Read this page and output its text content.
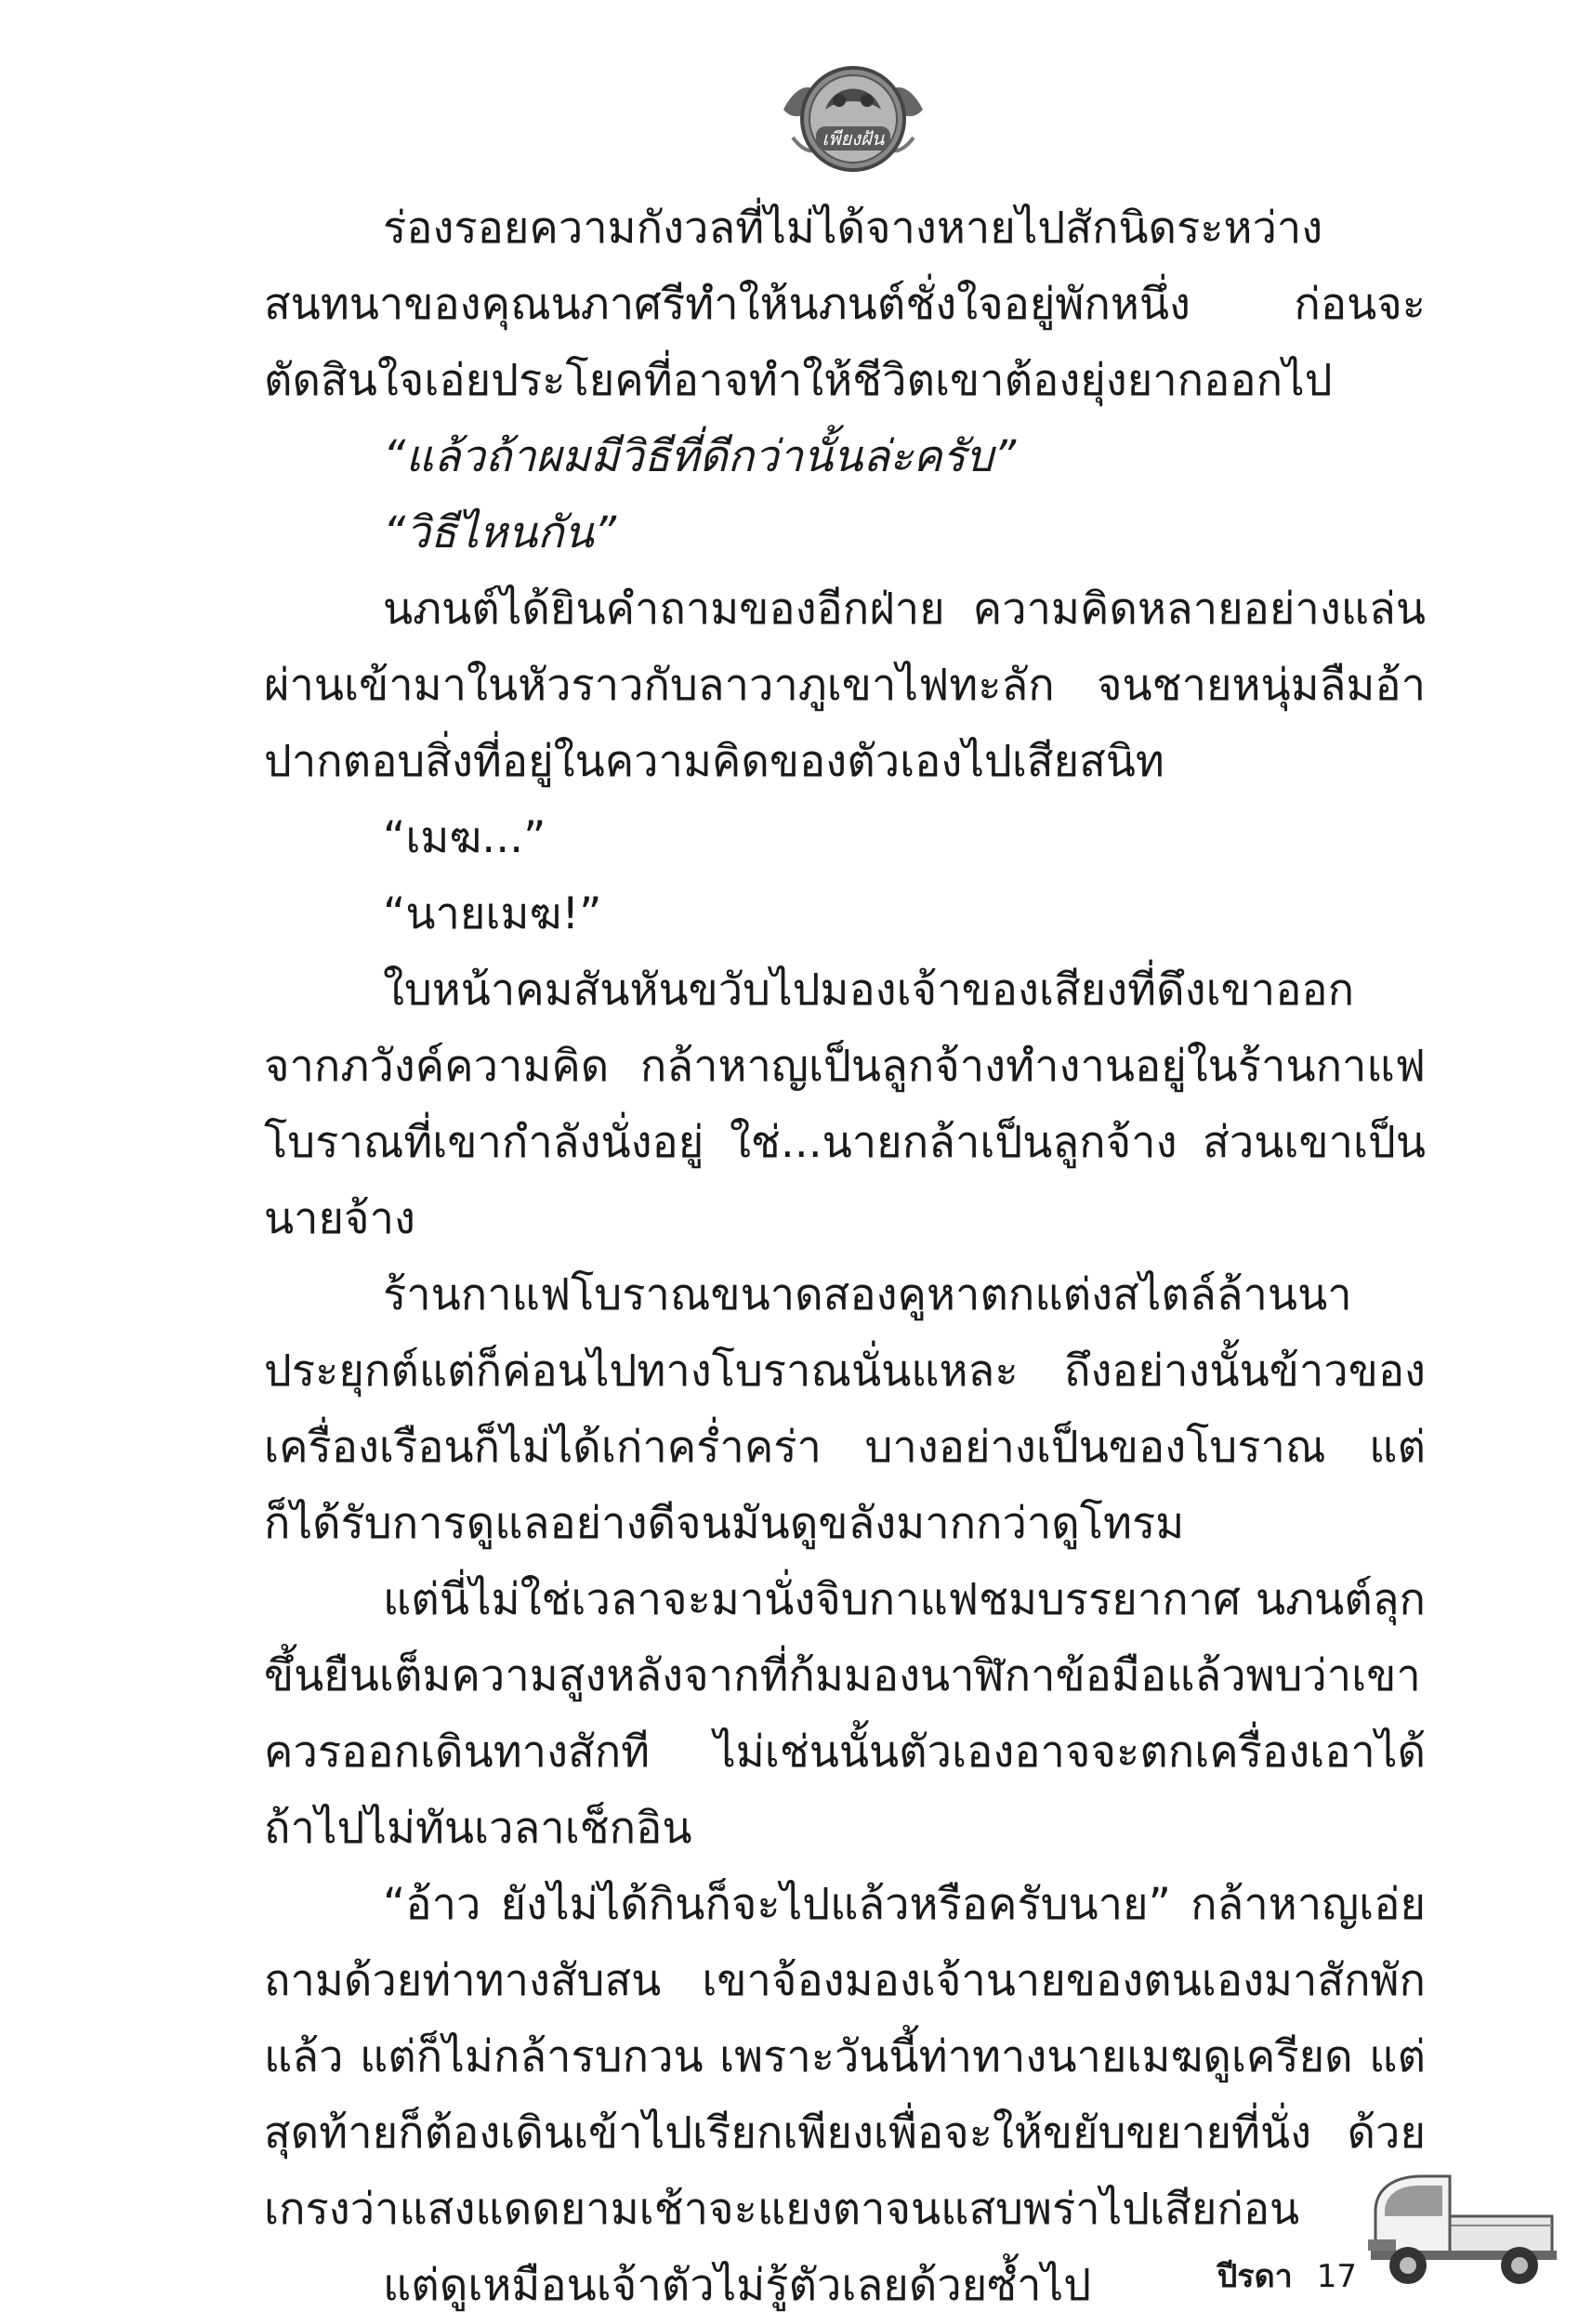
เพียงฝัน

ร่องรอยความกังวลที่ไม่ได้จางหายไปสักนิดระหว่างสนทนาของคุณนภาศรีทำให้นภนต์ชั่งใจอยู่พักหนึ่ง ก่อนจะตัดสินใจเอ่ยประโยคที่อาจทำให้ชีวิตเขาต้องยุ่งยากออกไป

“แล้วถ้าผมมีวิธีที่ดีกว่านั้นล่ะครับ”

“วิธีไหนกัน”

นภนต์ได้ยินคำถามของอีกฝ่าย ความคิดหลายอย่างแล่นผ่านเข้ามาในหัวราวกับลาวาภูเขาไฟทะลัก จนชายหนุ่มลืมอ้าปากตอบสิ่งที่อยู่ในความคิดของตัวเองไปเสียสนิท

“เมฆ...”

“นายเมฆ!”

ใบหน้าคมสันหันขวับไปมองเจ้าของเสียงที่ดึงเขาออกจากภวังค์ความคิด กล้าหาญเป็นลูกจ้างทำงานอยู่ในร้านกาแฟโบราณที่เขากำลังนั่งอยู่ ใช่...นายกล้าเป็นลูกจ้าง ส่วนเขาเป็นนายจ้าง

ร้านกาแฟโบราณขนาดสองคูหาตกแต่งสไตล์ล้านนาประยุกต์แต่ก็ค่อนไปทางโบราณนั่นแหละ ถึงอย่างนั้นข้าวของเครื่องเรือนก็ไม่ได้เก่าคร่ำคร่า บางอย่างเป็นของโบราณ แต่ก็ได้รับการดูแลอย่างดีจนมันดูขลังมากกว่าดูโทรม

แต่นี่ไม่ใช่เวลาจะมานั่งจิบกาแฟชมบรรยากาศ นภนต์ลุกขึ้นยืนเต็มความสูงหลังจากที่ก้มมองนาฬิกาข้อมือแล้วพบว่าเขาควรออกเดินทางสักที ไม่เช่นนั้นตัวเองอาจจะตกเครื่องเอาได้ถ้าไปไม่ทันเวลาเช็กอิน

“อ้าว ยังไม่ได้กินก็จะไปแล้วหรือครับนาย” กล้าหาญเอ่ยถามด้วยท่าทางสับสน เขาจ้องมองเจ้านายของตนเองมาสักพักแล้ว แต่ก็ไม่กล้ารบกวน เพราะวันนี้ท่าทางนายเมฆดูเครียด แต่สุดท้ายก็ต้องเดินเข้าไปเรียกเพียงเพื่อจะให้ขยับขยายที่นั่ง ด้วยเกรงว่าแสงแดดยามเช้าจะแยงตาจนแสบพร่าไปเสียก่อน

แต่ดูเหมือนเจ้าตัวไม่รู้ตัวเลยด้วยซ้ำไป	ปีรดา 17
